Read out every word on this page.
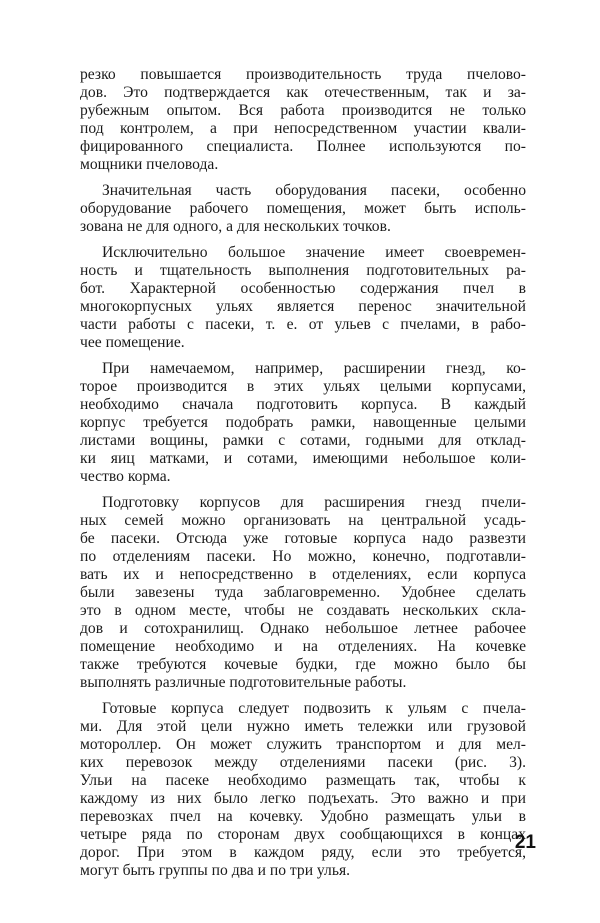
резко повышается производительность труда пчелово-
дов. Это подтверждается как отечественным, так и за-
рубежным опытом. Вся работа производится не только
под контролем, а при непосредственном участии квали-
фицированного специалиста. Полнее используются по-
мощники пчеловода.
Значительная часть оборудования пасеки, особенно
оборудование рабочего помещения, может быть исполь-
зована не для одного, а для нескольких точков.
Исключительно большое значение имеет своевремен-
ность и тщательность выполнения подготовительных ра-
бот. Характерной особенностью содержания пчел в
многокорпусных ульях является перенос значительной
части работы с пасеки, т. е. от ульев с пчелами, в рабо-
чее помещение.
При намечаемом, например, расширении гнезд, ко-
торое производится в этих ульях целыми корпусами,
необходимо сначала подготовить корпуса. В каждый
корпус требуется подобрать рамки, навощенные целыми
листами вощины, рамки с сотами, годными для отклад-
ки яиц матками, и сотами, имеющими небольшое коли-
чество корма.
Подготовку корпусов для расширения гнезд пчели-
ных семей можно организовать на центральной усадь-
бе пасеки. Отсюда уже готовые корпуса надо развезти
по отделениям пасеки. Но можно, конечно, подготавли-
вать их и непосредственно в отделениях, если корпуса
были завезены туда заблаговременно. Удобнее сделать
это в одном месте, чтобы не создавать нескольких скла-
дов и сотохранилищ. Однако небольшое летнее рабочее
помещение необходимо и на отделениях. На кочевке
также требуются кочевые будки, где можно было бы
выполнять различные подготовительные работы.
Готовые корпуса следует подвозить к ульям с пчела-
ми. Для этой цели нужно иметь тележки или грузовой
мотороллер. Он может служить транспортом и для мел-
ких перевозок между отделениями пасеки (рис. 3).
Ульи на пасеке необходимо размещать так, чтобы к
каждому из них было легко подъехать. Это важно и при
перевозках пчел на кочевку. Удобно размещать ульи в
четыре ряда по сторонам двух сообщающихся в концах
дорог. При этом в каждом ряду, если это требуется,
могут быть группы по два и по три улья.
21
